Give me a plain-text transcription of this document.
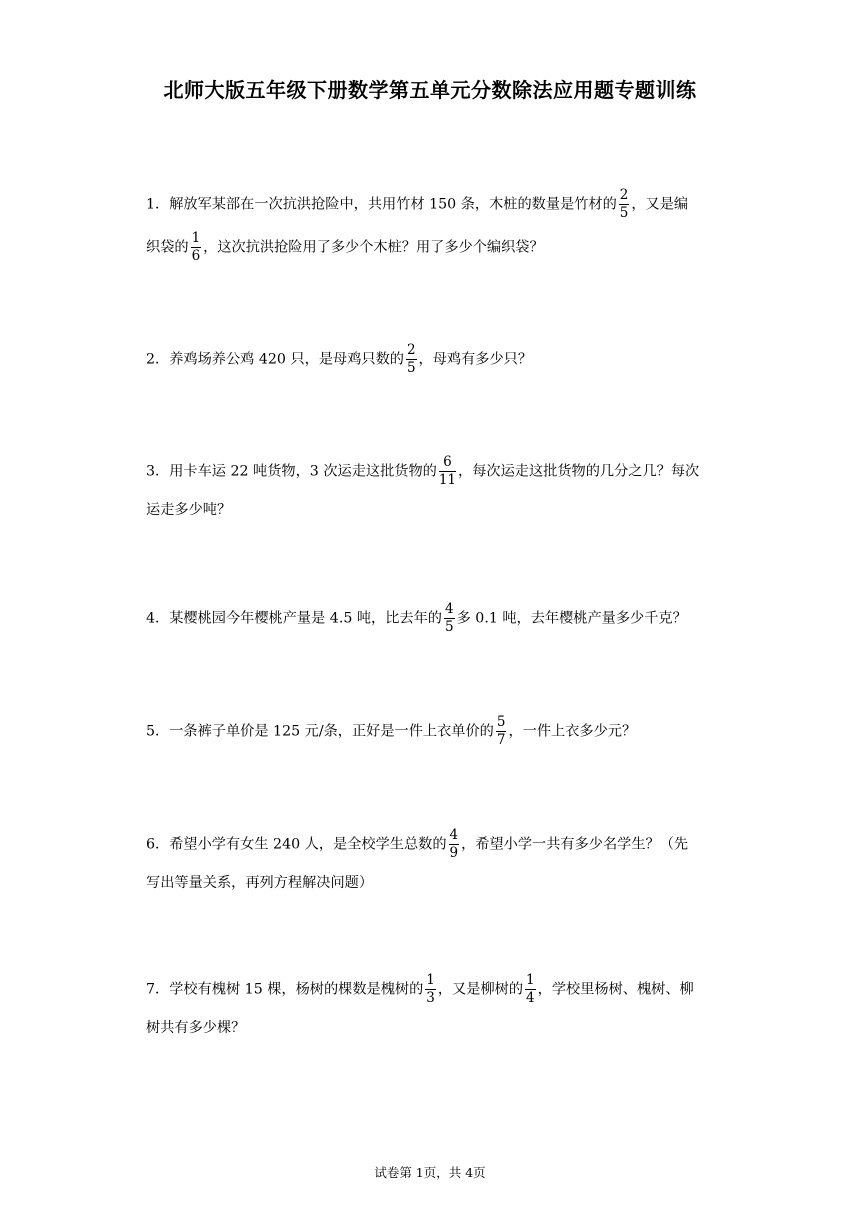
北师大版五年级下册数学第五单元分数除法应用题专题训练
1．解放军某部在一次抗洪抢险中，共用竹材 150 条，木桩的数量是竹材的 $\frac{2}{5}$ ，又是编
织袋的 $\frac{1}{6}$ ，这次抗洪抢险用了多少个木桩？用了多少个编织袋？
2．养鸡场养公鸡 420 只，是母鸡只数的 $\frac{2}{5}$ ，母鸡有多少只？
3．用卡车运 22 吨货物，3 次运走这批货物的 $\frac{6}{11}$ ，每次运走这批货物的几分之几？每次
运走多少吨？
4．某樱桃园今年樱桃产量是 4.5 吨，比去年的 $\frac{4}{5}$ 多 0.1 吨，去年樱桃产量多少千克？
5．一条裤子单价是 125 元/条，正好是一件上衣单价的 $\frac{5}{7}$ ，一件上衣多少元？
6．希望小学有女生 240 人，是全校学生总数的 $\frac{4}{9}$ ，希望小学一共有多少名学生？（先
写出等量关系，再列方程解决问题）
7．学校有槐树 15 棵，杨树的棵数是槐树的 $\frac{1}{3}$ ，又是柳树的 $\frac{1}{4}$ ，学校里杨树、槐树、柳
树共有多少棵？
试卷第 1页，共 4页
